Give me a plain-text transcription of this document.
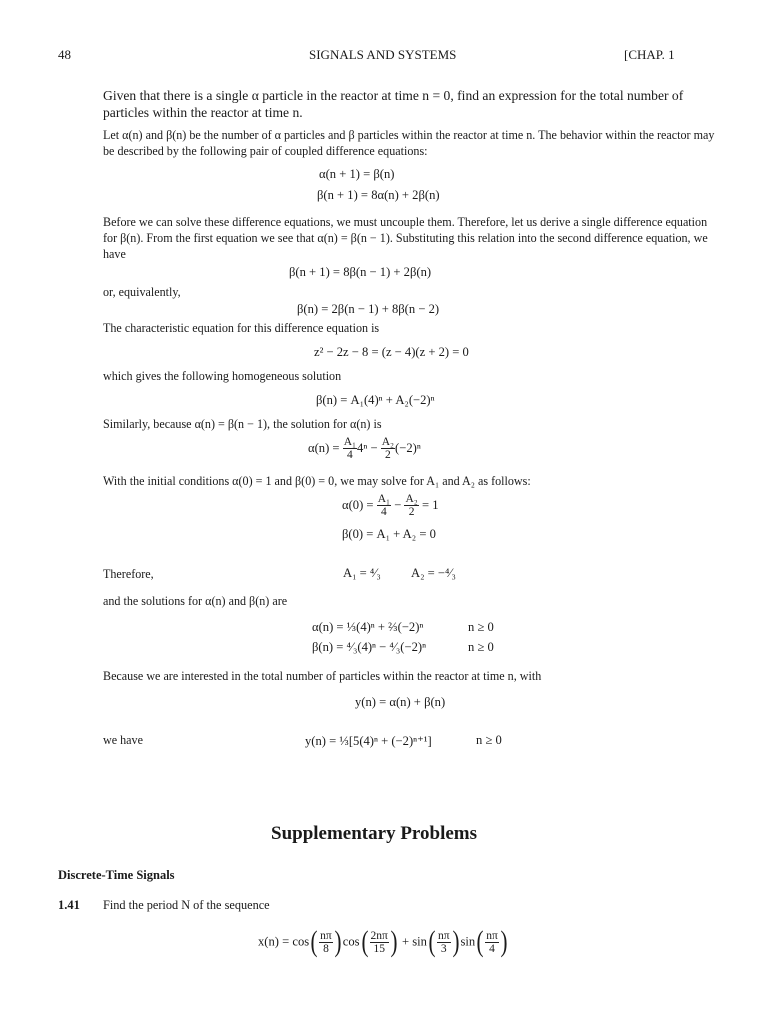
48	SIGNALS AND SYSTEMS	[CHAP. 1
Given that there is a single α particle in the reactor at time n = 0, find an expression for the total number of particles within the reactor at time n.
Let α(n) and β(n) be the number of α particles and β particles within the reactor at time n. The behavior within the reactor may be described by the following pair of coupled difference equations:
α(n + 1) = β(n)
β(n + 1) = 8α(n) + 2β(n)
Before we can solve these difference equations, we must uncouple them. Therefore, let us derive a single difference equation for β(n). From the first equation we see that α(n) = β(n − 1). Substituting this relation into the second difference equation, we have
β(n + 1) = 8β(n − 1) + 2β(n)
or, equivalently,
β(n) = 2β(n − 1) + 8β(n − 2)
The characteristic equation for this difference equation is
z² − 2z − 8 = (z − 4)(z + 2) = 0
which gives the following homogeneous solution
β(n) = A₁(4)ⁿ + A₂(−2)ⁿ
Similarly, because α(n) = β(n − 1), the solution for α(n) is
$\alpha(n) = \frac{\text{A₁}}{4} 4^n - \frac{\text{A₂}}{2} (-2)^n$
With the initial conditions α(0) = 1 and β(0) = 0, we may solve for A₁ and A₂ as follows:
$\alpha(0) = \frac{\text{A₁}}{4} - \frac{\text{A₂}}{2} = 1$
β(0) = A₁ + A₂ = 0
Therefore,	A₁ = ⁴⁄₃ A₂ = −⁴⁄₃
and the solutions for α(n) and β(n) are
α(n) = ⅓(4)ⁿ + ⅔(−2)ⁿ	n ≥ 0
β(n) = ⁴⁄₃(4)ⁿ − ⁴⁄₃(−2)ⁿ	n ≥ 0
Because we are interested in the total number of particles within the reactor at time n, with
y(n) = α(n) + β(n)
we have	y(n) = ⅓[5(4)ⁿ + (−2)ⁿ⁺¹]	n ≥ 0
Supplementary Problems
Discrete-Time Signals
1.41 Find the period N of the sequence
$x(n) = \cos( \frac{n\pi}{8}$ ) $\cos( \frac{2n\pi}{15}$ ) + $\sin( \frac{n\pi}{3}$ ) $\sin( \frac{n\pi}{4}$ )
